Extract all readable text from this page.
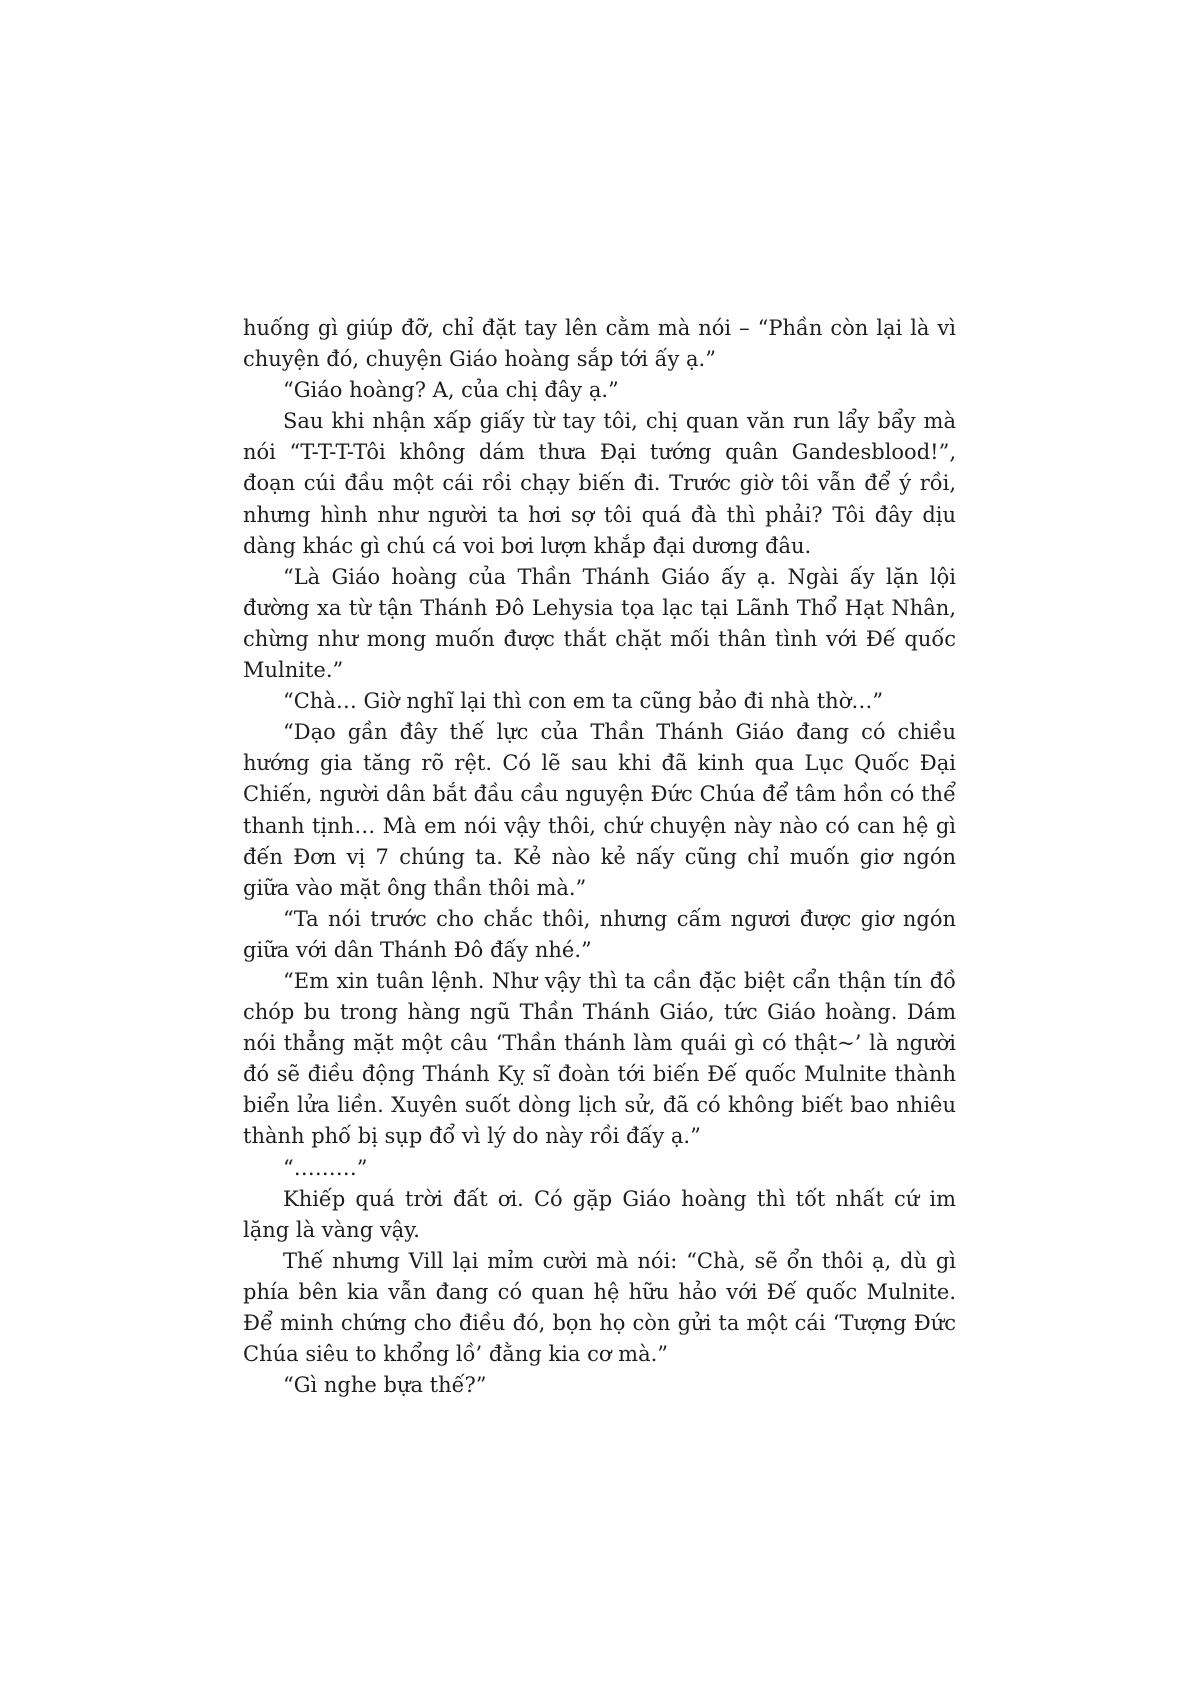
huống gì giúp đỡ, chỉ đặt tay lên cằm mà nói – “Phần còn lại là vì chuyện đó, chuyện Giáo hoàng sắp tới ấy ạ.”

“Giáo hoàng? A, của chị đây ạ.”

Sau khi nhận xấp giấy từ tay tôi, chị quan văn run lẩy bẩy mà nói “T-T-T-Tôi không dám thưa Đại tướng quân Gandesblood!”, đoạn cúi đầu một cái rồi chạy biến đi. Trước giờ tôi vẫn để ý rồi, nhưng hình như người ta hơi sợ tôi quá đà thì phải? Tôi đây dịu dàng khác gì chú cá voi bơi lượn khắp đại dương đâu.

“Là Giáo hoàng của Thần Thánh Giáo ấy ạ. Ngài ấy lặn lội đường xa từ tận Thánh Đô Lehysia tọa lạc tại Lãnh Thổ Hạt Nhân, chừng như mong muốn được thắt chặt mối thân tình với Đế quốc Mulnite.”

“Chà… Giờ nghĩ lại thì con em ta cũng bảo đi nhà thờ…”

“Dạo gần đây thế lực của Thần Thánh Giáo đang có chiều hướng gia tăng rõ rệt. Có lẽ sau khi đã kinh qua Lục Quốc Đại Chiến, người dân bắt đầu cầu nguyện Đức Chúa để tâm hồn có thể thanh tịnh… Mà em nói vậy thôi, chứ chuyện này nào có can hệ gì đến Đơn vị 7 chúng ta. Kẻ nào kẻ nấy cũng chỉ muốn giơ ngón giữa vào mặt ông thần thôi mà.”

“Ta nói trước cho chắc thôi, nhưng cấm ngươi được giơ ngón giữa với dân Thánh Đô đấy nhé.”

“Em xin tuân lệnh. Như vậy thì ta cần đặc biệt cẩn thận tín đồ chóp bu trong hàng ngũ Thần Thánh Giáo, tức Giáo hoàng. Dám nói thẳng mặt một câu ‘Thần thánh làm quái gì có thật~’ là người đó sẽ điều động Thánh Kỵ sĩ đoàn tới biến Đế quốc Mulnite thành biển lửa liền. Xuyên suốt dòng lịch sử, đã có không biết bao nhiêu thành phố bị sụp đổ vì lý do này rồi đấy ạ.”

“………”

Khiếp quá trời đất ơi. Có gặp Giáo hoàng thì tốt nhất cứ im lặng là vàng vậy.

Thế nhưng Vill lại mỉm cười mà nói: “Chà, sẽ ổn thôi ạ, dù gì phía bên kia vẫn đang có quan hệ hữu hảo với Đế quốc Mulnite. Để minh chứng cho điều đó, bọn họ còn gửi ta một cái ‘Tượng Đức Chúa siêu to khổng lồ’ đằng kia cơ mà.”

“Gì nghe bựa thế?”
